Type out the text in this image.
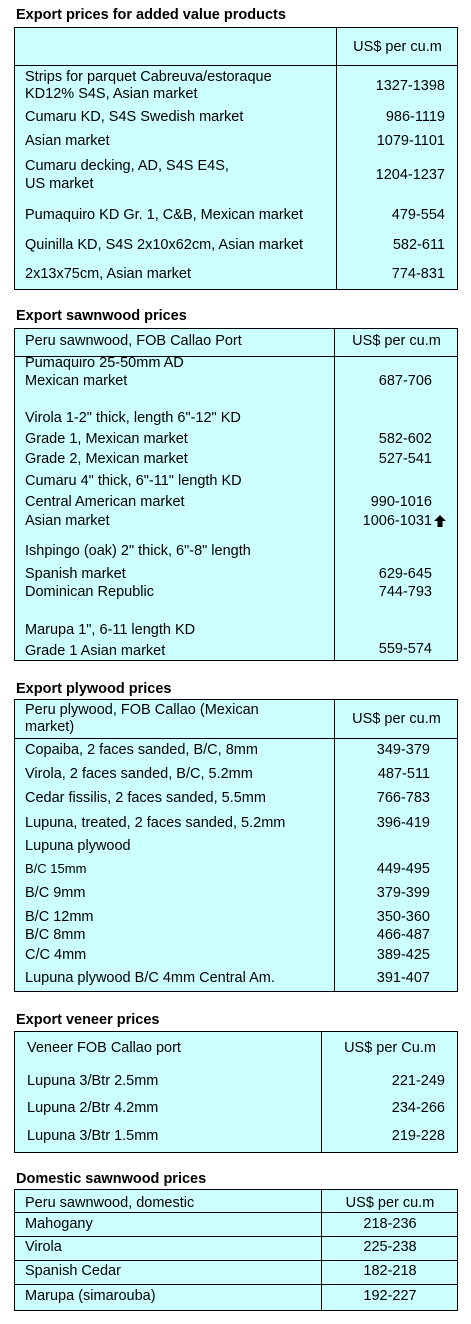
Export prices for added value products
US$ per cu.m
Strips for parquet Cabreuva/estoraque
KD12% S4S, Asian market	1327-1398
Cumaru KD, S4S Swedish market	986-1119
Asian market	1079-1101
Cumaru decking, AD, S4S E4S,
US market
1204-1237
Pumaquiro KD Gr. 1, C&B, Mexican market	479-554
Quinilla KD, S4S 2x10x62cm, Asian market	582-611
2x13x75cm, Asian market	774-831
Export sawnwood prices
Peru sawnwood, FOB Callao Port	US$ per cu.m
Pumaquiro 25-50mm AD
Mexican market	687-706
Virola 1-2" thick, length 6"-12" KD
Grade 1, Mexican market	582-602
Grade 2, Mexican market	527-541
Cumaru 4" thick, 6"-11" length KD
Central American market	990-1016
Asian market	1006-1031
Ishpingo (oak) 2" thick, 6"-8" length
Spanish market	629-645
Dominican Republic	744-793
Marupa 1", 6-11 length KD
Grade 1 Asian market	559-574
Export plywood prices
Peru plywood, FOB Callao (Mexican
market)	US$ per cu.m
Copaiba, 2 faces sanded, B/C, 8mm	349-379
Virola, 2 faces sanded, B/C, 5.2mm	487-511
Cedar fissilis, 2 faces sanded, 5.5mm	766-783
Lupuna, treated, 2 faces sanded, 5.2mm	396-419
Lupuna plywood
B/C 15mm	449-495
B/C 9mm	379-399
B/C 12mm	350-360
B/C 8mm	466-487
C/C 4mm	389-425
Lupuna plywood B/C 4mm Central Am.	391-407
Export veneer prices
Veneer FOB Callao port	US$ per Cu.m
Lupuna 3/Btr 2.5mm	221-249
Lupuna 2/Btr 4.2mm	234-266
Lupuna 3/Btr 1.5mm	219-228
Domestic sawnwood prices
Peru sawnwood, domestic	US$ per cu.m
Mahogany	218-236
Virola	225-238
Spanish Cedar	182-218
Marupa (simarouba)	192-227
